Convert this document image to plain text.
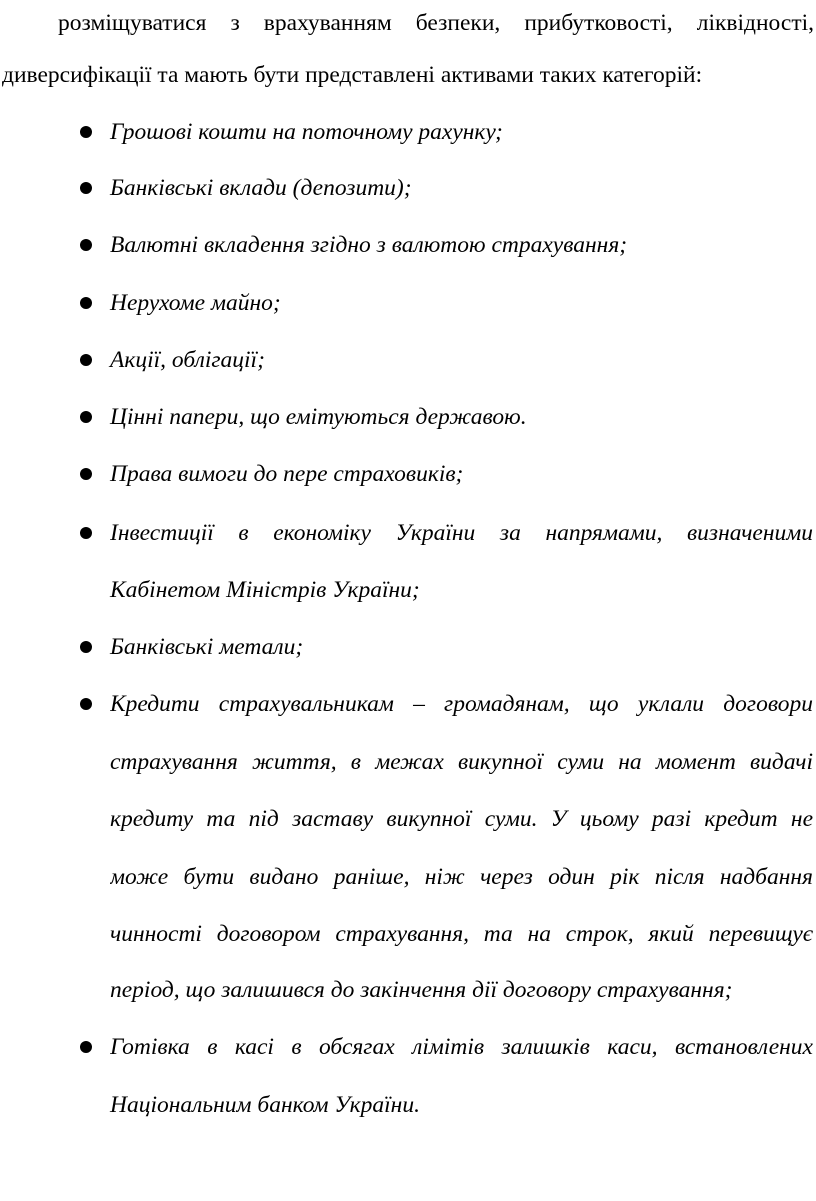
розміщуватися з врахуванням безпеки, прибутковості, ліквідності,
диверсифікації та мають бути представлені активами таких категорій:
Грошові кошти на поточному рахунку;
Банківські вклади (депозити);
Валютні вкладення згідно з валютою страхування;
Нерухоме майно;
Акції, облігації;
Цінні папери, що емітуються державою.
Права вимоги до пере страховиків;
Інвестиції в економіку України за напрямами, визначеними
Кабінетом Міністрів України;
Банківські метали;
Кредити страхувальникам – громадянам, що уклали договори
страхування життя, в межах викупної суми на момент видачі
кредиту та під заставу викупної суми. У цьому разі кредит не
може бути видано раніше, ніж через один рік після надбання
чинності договором страхування, та на строк, який перевищує
період, що залишився до закінчення дії договору страхування;
Готівка в касі в обсягах лімітів залишків каси, встановлених
Національним банком України.
